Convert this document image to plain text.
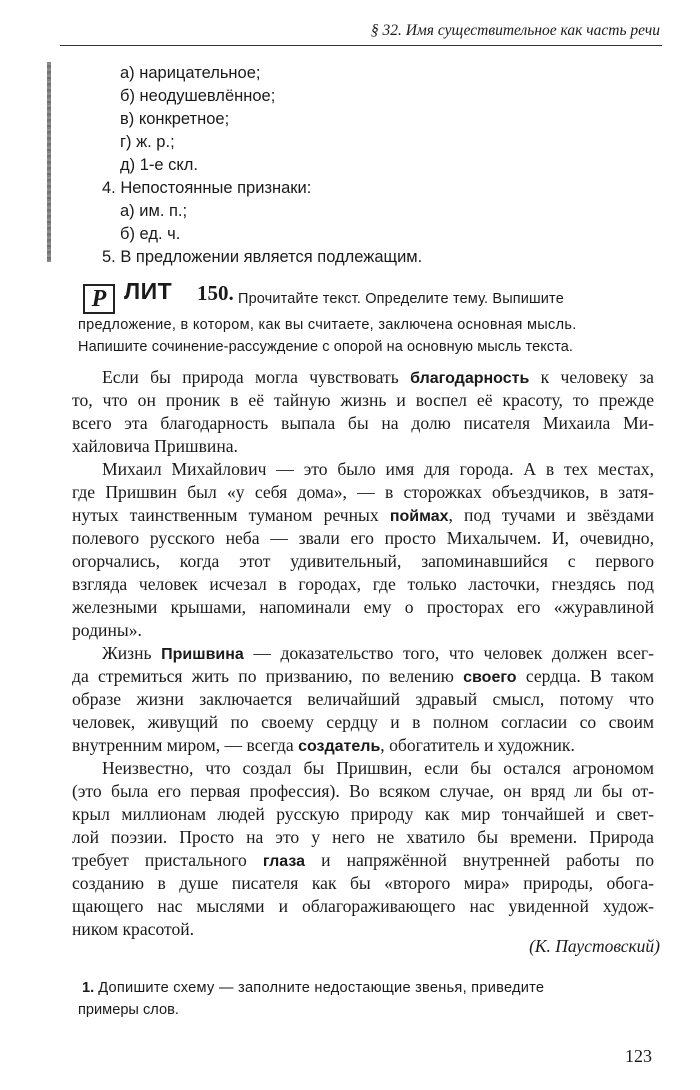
§ 32. Имя существительное как часть речи
а) нарицательное;
б) неодушевлённое;
в) конкретное;
г) ж. р.;
д) 1-е скл.
4. Непостоянные признаки:
а) им. п.;
б) ед. ч.
5. В предложении является подлежащим.
P ЛИТ 150. Прочитайте текст. Определите тему. Выпишите
предложение, в котором, как вы считаете, заключена основная мысль.
Напишите сочинение-рассуждение с опорой на основную мысль текста.
Если бы природа могла чувствовать благодарность к человеку за
то, что он проник в её тайную жизнь и воспел её красоту, то прежде
всего эта благодарность выпала бы на долю писателя Михаила Ми-
хайловича Пришвина.
Михаил Михайлович — это было имя для города. А в тех местах,
где Пришвин был «у себя дома», — в сторожках объездчиков, в затя-
нутых таинственным туманом речных поймах, под тучами и звёздами
полевого русского неба — звали его просто Михалычем. И, очевидно,
огорчались, когда этот удивительный, запоминавшийся с первого
взгляда человек исчезал в городах, где только ласточки, гнездясь под
железными крышами, напоминали ему о просторах его «журавлиной
родины».
Жизнь Пришвина — доказательство того, что человек должен всег-
да стремиться жить по призванию, по велению своего сердца. В таком
образе жизни заключается величайший здравый смысл, потому что
человек, живущий по своему сердцу и в полном согласии со своим
внутренним миром, — всегда создатель, обогатитель и художник.
Неизвестно, что создал бы Пришвин, если бы остался агрономом
(это была его первая профессия). Во всяком случае, он вряд ли бы от-
крыл миллионам людей русскую природу как мир тончайшей и свет-
лой поэзии. Просто на это у него не хватило бы времени. Природа
требует пристального глаза и напряжённой внутренней работы по
созданию в душе писателя как бы «второго мира» природы, обога-
щающего нас мыслями и облагораживающего нас увиденной худож-
ником красотой.
(К. Паустовский)
1. Допишите схему — заполните недостающие звенья, приведите
примеры слов.
123
